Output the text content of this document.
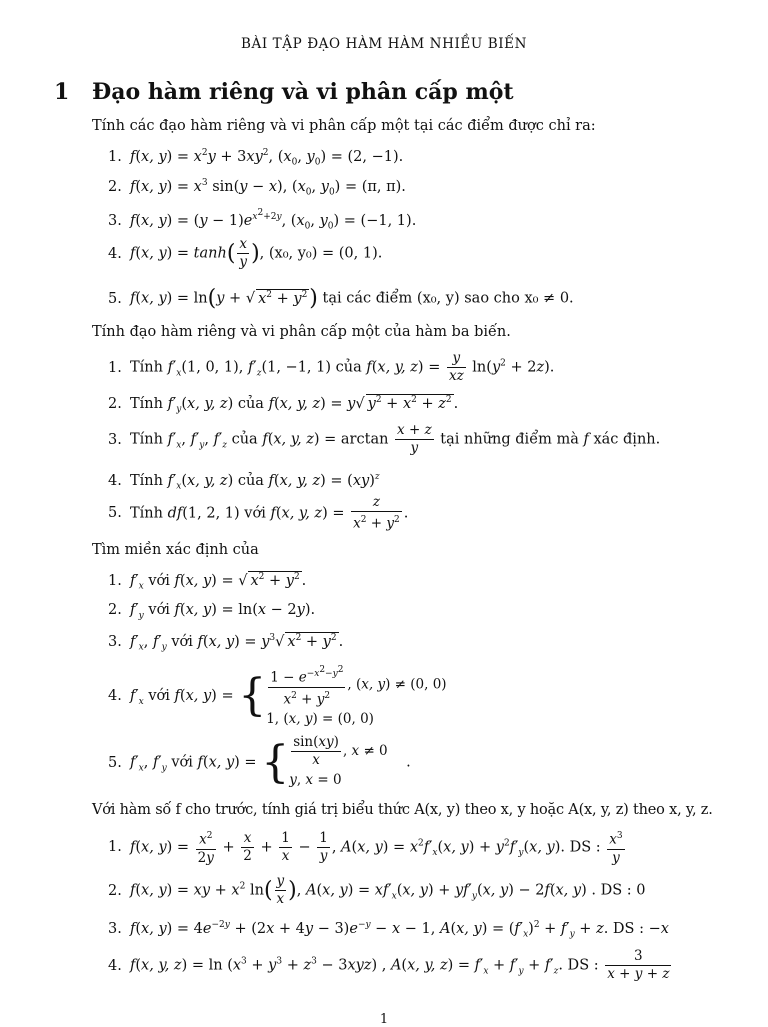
BÀI TẬP ĐẠO HÀM HÀM NHIỀU BIẾN
1 Đạo hàm riêng và vi phân cấp một
Tính các đạo hàm riêng và vi phân cấp một tại các điểm được chỉ ra:
1. f(x, $y) = x^2y + 3xy^2$, ($x_0$, $y_0) = (2$, −1).
2. f(x, $y) = x^3$ sin(y − x), ($x_0$, $y_0) = (\pi$, π).
3. f(x, $y) = (y - 1)e^{x^2+2y}$, ($x_0$, $y_0) = (-1$, 1).
4. f(x, $y) = \tanh( \frac{x}{y}$ ), (x₀, y₀) = (0, 1).
5. f(x, y) = ln(y + √ $x^2 + y^2$) tại các điểm (x₀, y) sao cho x₀ ≠ 0.
Tính đạo hàm riêng và vi phân cấp một của hàm ba biến.
1. Tính $f'_x(1$, 0, 1), $f'_z(1$, −1, 1) của f(x, y, $z) = \frac{y}{xz} \ln(y^2 + 2z)$.
2. Tính $f'_y(x$, y, z) của f(x, y, z) = y√ $y^2 + x^2 + z^2$ .
3. Tính $f'_x$, $f'_y$, $f'_z$ của f(x, y, $z) = \arctan \frac{x + z}{y}$ tại những điểm mà f xác định.
4. Tính $f'_x(x$, y, z) của f(x, y, z) = (xy)$^z$
5. Tính df(1, 2, 1) với f(x, y, $z) = \frac{z}{x^2 + y^2}$ .
Tìm miền xác định của
1. $f'_x$ với f(x, y) = √ $x^2 + y^2$ .
2. $f'_y$ với f(x, y) = ln(x − 2y).
3. $f'_x$, $f'_y$ với f(x, $y) = y^3√$ $x^2 + y^2$ .
4. $f'_x$ với f(x, y) = { $\frac{1 - e^{-x^2-y^2}}{x^2 + y^2}$ , (x, y) ≠ (0, 0)
1, (x, y) = (0, 0)
5. $f'_x$, $f'_y$ với f(x, y) = { $\frac{\sin(xy)}{x}$ , x ≠ 0
y, x = 0
.
Với hàm số f cho trước, tính giá trị biểu thức A(x, y) theo x, y hoặc A(x, y, z) theo x, y, z.
1. f(x, $y) = \frac{x^2}{2y} + \frac{x}{2} + \frac{1}{x} - \frac{1}{y}$ , A(x, $y) = x^2f'_x(x$, $y) + y^2f'_y(x$, y). DS : $\frac{x^3}{y}$
2. f(x, y) = xy + $x^2$ $\ln( \frac{y}{x}$ ), A(x, $y) = xf'_x(x$, $y) + yf'_y(x$, y) − 2f(x, y) . DS : 0
3. f(x, $y) = 4e^{-2y} + (2x + 4y - 3)e^{-y} - x - 1$, A(x, $y) = (f'_x)^2 + f'_y + z$. DS : −x
4. f(x, y, $z) = \ln (x^3 + y^3 + z^3 - 3xyz)$ , A(x, y, $z) = f'_x + f'_y + f'_z$. DS : $\frac{3}{x + y + z}$
1
